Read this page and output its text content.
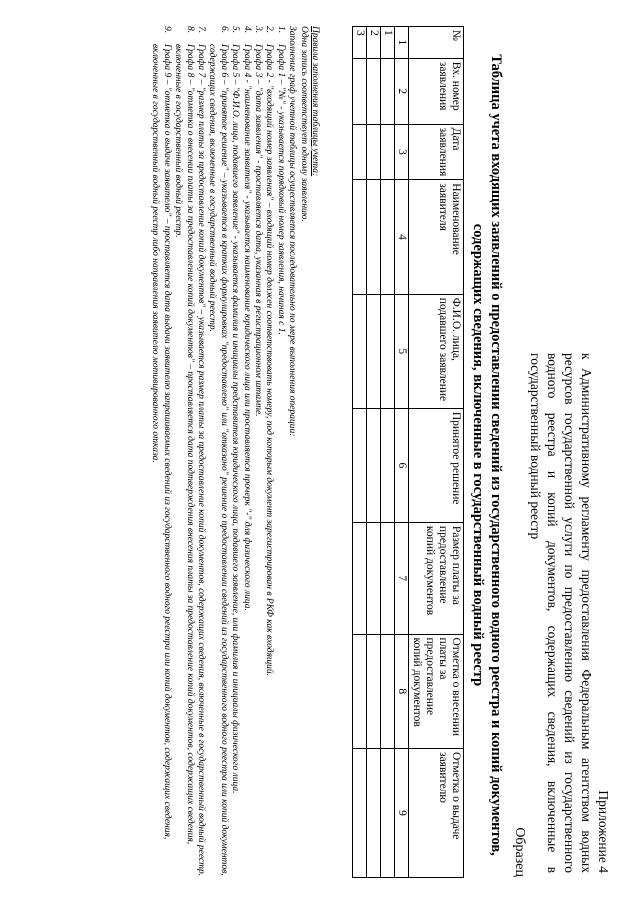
Приложение 4
к Административному регламенту предоставления Федеральным агентством водных ресурсов государственной услуги по предоставлению сведений из государственного водного реестра и копий документов, содержащих сведения, включенные в государственный водный реестр
Образец
Таблица учета входящих заявлений о предоставлении сведений из государственного водного реестра и копий документов, содержащих сведения, включенные в государственный водный реестр
№	Вх. номер заявления	Дата заявления	Наименование заявителя	Ф.И.О. лица, подавшего заявление	Принятое решение	Размер платы за предоставление копий документов	Отметка о внесении платы за предоставление копий документов	Отметка о выдаче заявителю
1	2	3	4	5	6	7	8	9
1								
2								
3								
Правила заполнения таблицы учета:
Одна запись соответствует одному заявлению.
Заполнение граф учетной таблицы осуществляется последовательно по мере выполнения операции:
1.
Графа 1 – "№" - указывается порядковый номер заявления, начиная с 1.
2.
Графа 2 - "входящий номер заявления" – входящий номер должен соответствовать номеру, под которым документ зарегистрирован в РКФ как входящий.
3.
Графа 3 – "дата заявления" - проставляется дата, указанная в регистрационном штампе.
4.
Графа 4 - "наименование заявителя" - указывается наименование юридического лица или проставляется прочерк "-" для физического лица.
5.
Графа 5 – "Ф.И.О. лица, подавшего заявление" - указывается фамилия и инициалы представителя юридического лица, подавшего заявление, или фамилия и инициалы физического лица.
6.
Графа 6 – "принятое решение" – указывается в кратких формулировках "предоставлено" или "отказано" решение о предоставлении сведений из государственного водного реестра или копий документов, содержащих сведения, включенные в государственный водный реестр.
7.
Графа 7 – "размер платы за предоставление копий документов" – указывается размер платы за предоставление копий документов, содержащих сведения, включенные в государственный водный реестр.
8.
Графа 8 – "отметка о внесении платы за предоставление копий документов" – проставляется дата подтверждения внесения платы за предоставление копий документов, содержащих сведения, включенные в государственный водный реестр.
9.
Графа 9 – "отметка о выдаче заявителю" – проставляется дата выдачи заявителю запрашиваемых сведений из государственного водного реестра или копий документов, содержащих сведения, включенные в государственный водный реестр либо направления заявителю мотивированного отказа.
